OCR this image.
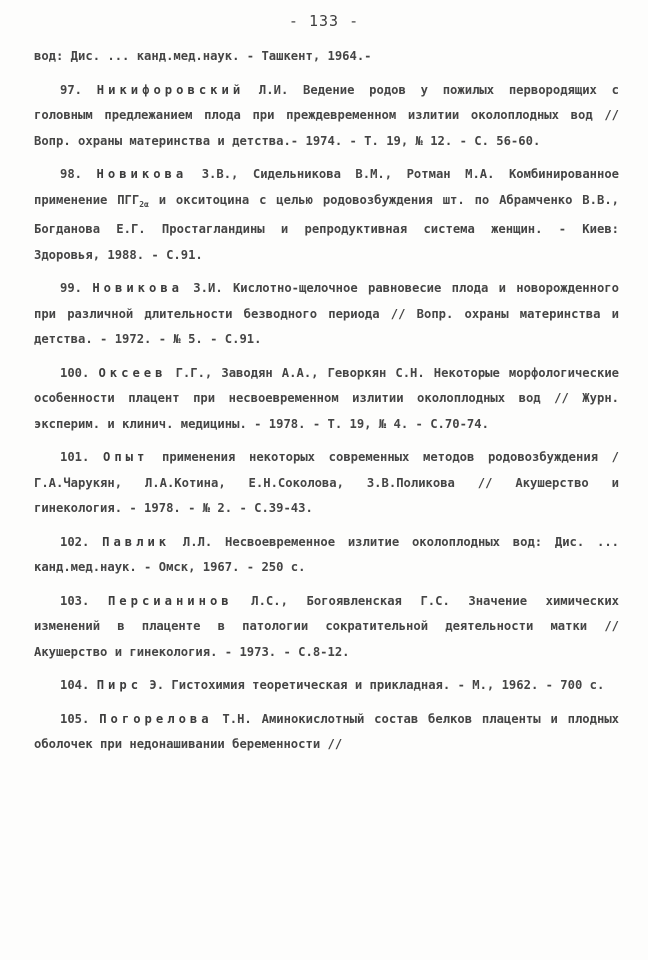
- 133 -

вод: Дис. ... канд.мед.наук. - Ташкент, 1964.-

97. Никифоровский Л.И. Ведение родов у пожилых первородящих с головным предлежанием плода при преждевременном излитии околоплодных вод // Вопр. охраны материнства и детства.- 1974. - Т. 19, № 12. - С. 56-60.

98. Новикова З.В., Сидельникова В.М., Ротман М.А. Комбинированное применение $ПГГ_{2\alpha}$ и окситоцина с целью родовозбуждения шт. по Абрамченко В.В., Богданова Е.Г. Простагландины и репродуктивная система женщин. - Киев: Здоровья, 1988. - С.91.

99. Новикова З.И. Кислотно-щелочное равновесие плода и новорожденного при различной длительности безводного периода // Вопр. охраны материнства и детства. - 1972. - № 5. - С.91.

100. Оксеев Г.Г., Заводян А.А., Геворкян С.Н. Некоторые морфологические особенности плацент при несвоевременном излитии околоплодных вод // Журн. эксперим. и клинич. медицины. - 1978. - Т. 19, № 4. - С.70-74.

101. Опыт применения некоторых современных методов родовозбуждения / Г.А.Чарукян, Л.А.Котина, Е.Н.Соколова, З.В.Поликова // Акушерство и гинекология. - 1978. - № 2. - С.39-43.

102. Павлик Л.Л. Несвоевременное излитие околоплодных вод: Дис. ... канд.мед.наук. - Омск, 1967. - 250 с.

103. Персианинов Л.С., Богоявленская Г.С. Значение химических изменений в плаценте в патологии сократительной деятельности матки // Акушерство и гинекология. - 1973. - С.8-12.

104. Пирс Э. Гистохимия теоретическая и прикладная. - М., 1962. - 700 с.

105. Погорелова Т.Н. Аминокислотный состав белков плаценты и плодных оболочек при недонашивании беременности //
